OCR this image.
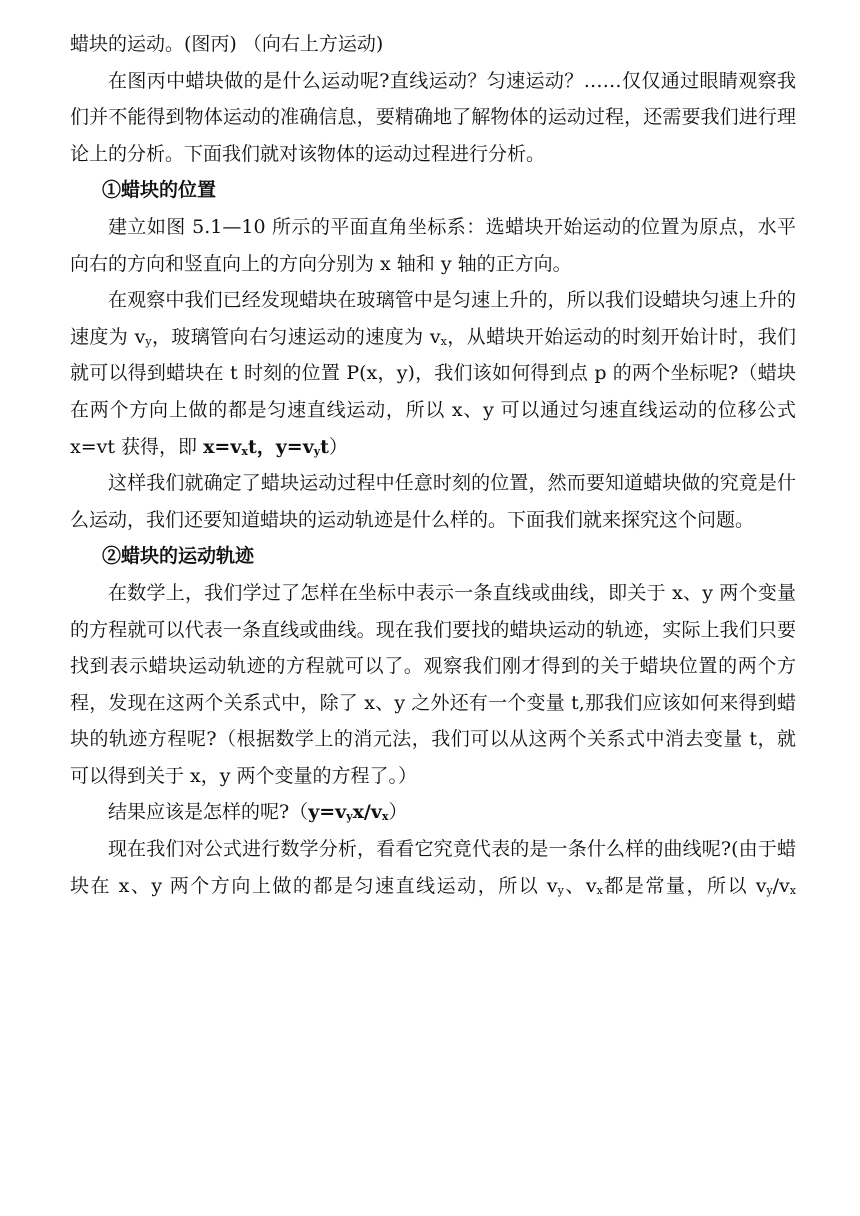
蜡块的运动。(图丙) （向右上方运动)

在图丙中蜡块做的是什么运动呢?直线运动？匀速运动？……仅仅通过眼睛观察我们并不能得到物体运动的准确信息，要精确地了解物体的运动过程，还需要我们进行理论上的分析。下面我们就对该物体的运动过程进行分析。

①蜡块的位置

建立如图 5.1—10 所示的平面直角坐标系：选蜡块开始运动的位置为原点，水平向右的方向和竖直向上的方向分别为 x 轴和 y 轴的正方向。

在观察中我们已经发现蜡块在玻璃管中是匀速上升的，所以我们设蜡块匀速上升的速度为 $v_y$，玻璃管向右匀速运动的速度为 $v_x$，从蜡块开始运动的时刻开始计时，我们就可以得到蜡块在 t 时刻的位置 P(x，y)，我们该如何得到点 p 的两个坐标呢?（蜡块在两个方向上做的都是匀速直线运动，所以 x、y 可以通过匀速直线运动的位移公式 x=vt 获得，即 $x=v_xt$，$y=v_yt$）

这样我们就确定了蜡块运动过程中任意时刻的位置，然而要知道蜡块做的究竟是什么运动，我们还要知道蜡块的运动轨迹是什么样的。下面我们就来探究这个问题。

②蜡块的运动轨迹

在数学上，我们学过了怎样在坐标中表示一条直线或曲线，即关于 x、y 两个变量的方程就可以代表一条直线或曲线。现在我们要找的蜡块运动的轨迹，实际上我们只要找到表示蜡块运动轨迹的方程就可以了。观察我们刚才得到的关于蜡块位置的两个方程，发现在这两个关系式中，除了 x、y 之外还有一个变量 t,那我们应该如何来得到蜡块的轨迹方程呢?（根据数学上的消元法，我们可以从这两个关系式中消去变量 t，就可以得到关于 x，y 两个变量的方程了。）

结果应该是怎样的呢$?(y=v_yx/v_x)$

现在我们对公式进行数学分析，看看它究竟代表的是一条什么样的曲线呢?(由于蜡块在 x、y 两个方向上做的都是匀速直线运动，所以 $v_y$、$v_x$都是常量，所以 $v_y/v_x$
